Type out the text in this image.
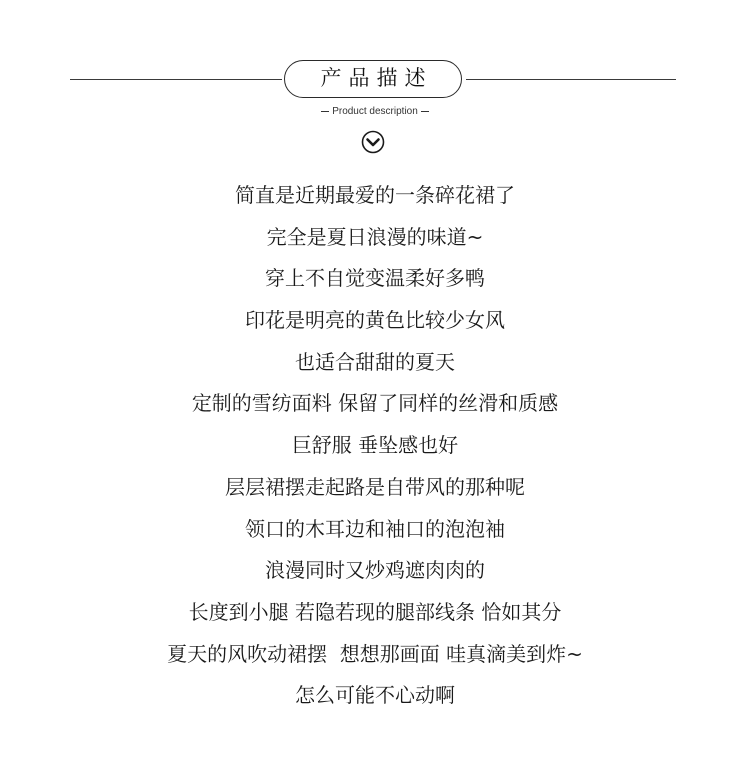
产品描述
Product description
简直是近期最爱的一条碎花裙了
完全是夏日浪漫的味道~
穿上不自觉变温柔好多鸭
印花是明亮的黄色比较少女风
也适合甜甜的夏天
定制的雪纺面料 保留了同样的丝滑和质感
巨舒服 垂坠感也好
层层裙摆走起路是自带风的那种呢
领口的木耳边和袖口的泡泡袖
浪漫同时又炒鸡遮肉肉的
长度到小腿 若隐若现的腿部线条 恰如其分
夏天的风吹动裙摆  想想那画面 哇真滴美到炸~
怎么可能不心动啊
